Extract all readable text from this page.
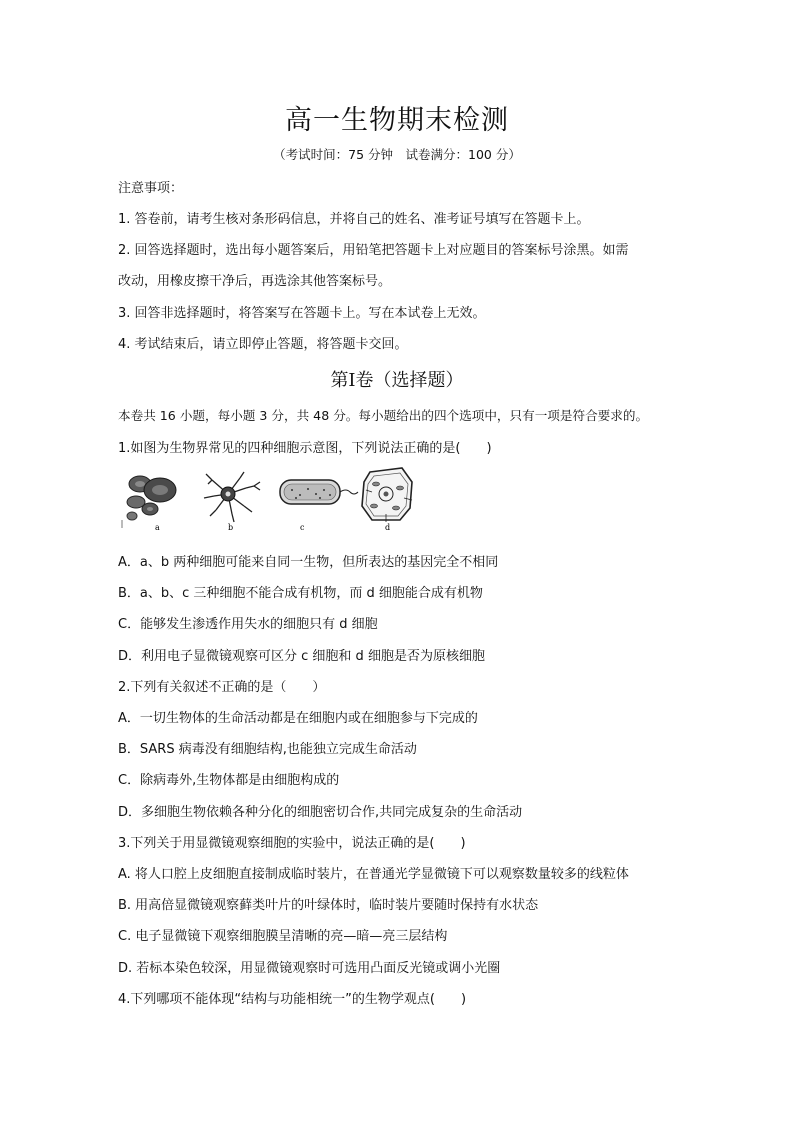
高一生物期末检测
（考试时间：75 分钟　试卷满分：100 分）
注意事项：
1. 答卷前，请考生核对条形码信息，并将自己的姓名、准考证号填写在答题卡上。
2. 回答选择题时，选出每小题答案后，用铅笔把答题卡上对应题目的答案标号涂黑。如需
改动，用橡皮擦干净后，再选涂其他答案标号。
3. 回答非选择题时，将答案写在答题卡上。写在本试卷上无效。
4. 考试结束后，请立即停止答题，将答题卡交回。
第Ⅰ卷（选择题）
本卷共 16 小题，每小题 3 分，共 48 分。每小题给出的四个选项中，只有一项是符合要求的。
1.如图为生物界常见的四种细胞示意图，下列说法正确的是(　　)
a	b	c	d
A．a、b 两种细胞可能来自同一生物，但所表达的基因完全不相同
B．a、b、c 三种细胞不能合成有机物，而 d 细胞能合成有机物
C．能够发生渗透作用失水的细胞只有 d 细胞
D．利用电子显微镜观察可区分 c 细胞和 d 细胞是否为原核细胞
2.下列有关叙述不正确的是（　　）
A．一切生物体的生命活动都是在细胞内或在细胞参与下完成的
B．SARS 病毒没有细胞结构,也能独立完成生命活动
C．除病毒外,生物体都是由细胞构成的
D．多细胞生物依赖各种分化的细胞密切合作,共同完成复杂的生命活动
3.下列关于用显微镜观察细胞的实验中，说法正确的是(　　)
A. 将人口腔上皮细胞直接制成临时装片，在普通光学显微镜下可以观察数量较多的线粒体
B. 用高倍显微镜观察藓类叶片的叶绿体时，临时装片要随时保持有水状态
C. 电子显微镜下观察细胞膜呈清晰的亮—暗—亮三层结构
D. 若标本染色较深，用显微镜观察时可选用凸面反光镜或调小光圈
4.下列哪项不能体现“结构与功能相统一”的生物学观点(　　)
